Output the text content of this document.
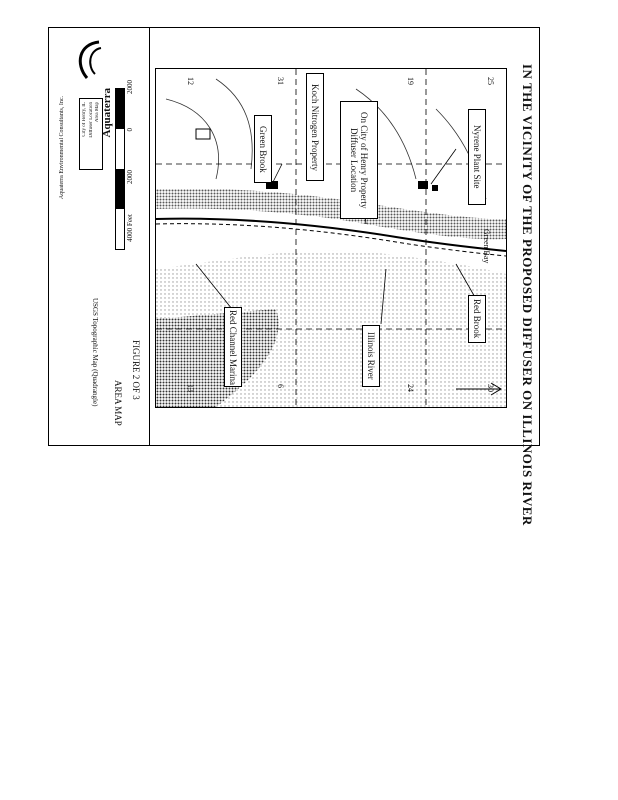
Aquaterra
City of Henry, IL Diffuser Location Area Map
Aquaterra Environmental Consultants, Inc.
2000
0
2000
4000 Feet
USGS Topographic Map (Quadrangle)	IN THE VICINITY OF THE PROPOSED DIFFUSER ON ILLINOIS RIVER
FIGURE 2 OF 3
AREA MAP
Nyrene Plant Site
Diffuser Location On City of Henry Property
Koch Nitrogen Property
Green Brook
Red Brook
Illinois River
Red Channel Marina
Green Bay
25
30
19
24
31
6
12
13
